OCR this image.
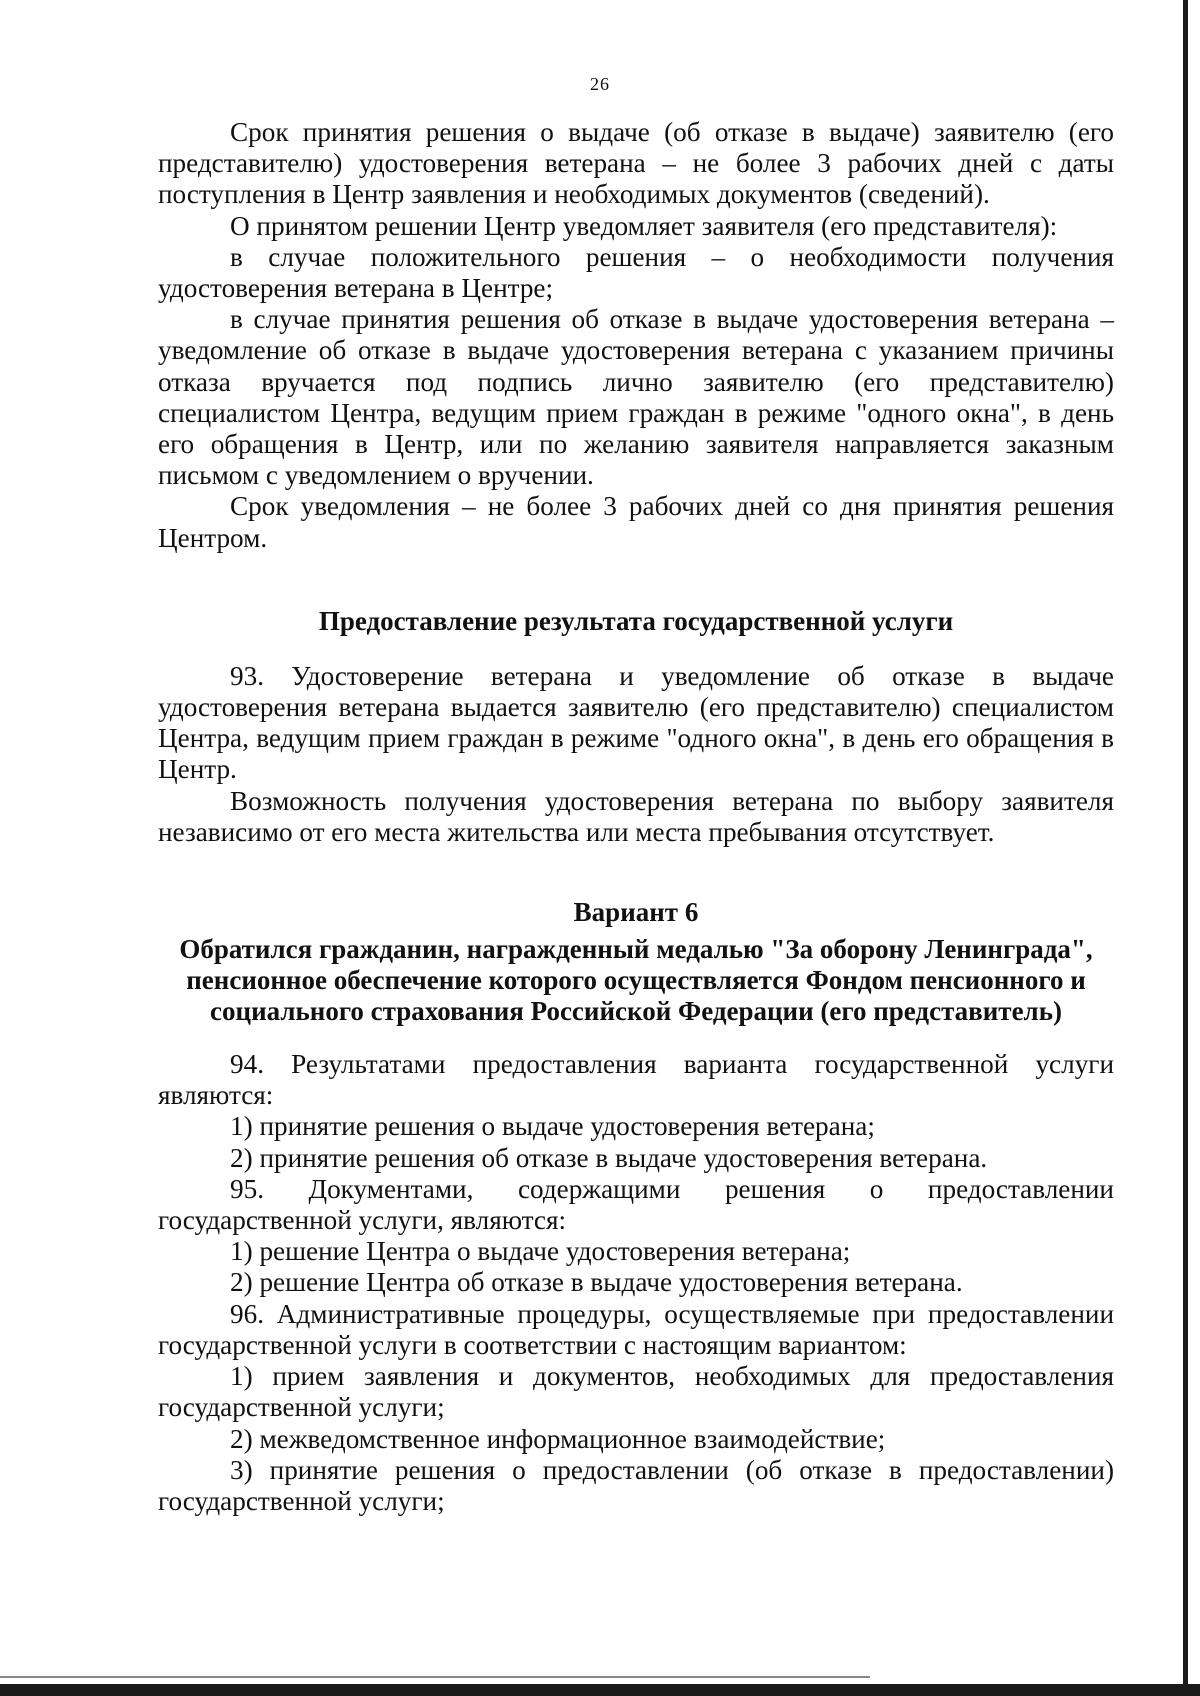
26

Срок принятия решения о выдаче (об отказе в выдаче) заявителю (его представителю) удостоверения ветерана – не более 3 рабочих дней с даты поступления в Центр заявления и необходимых документов (сведений).

О принятом решении Центр уведомляет заявителя (его представителя):

в случае положительного решения – о необходимости получения удостоверения ветерана в Центре;

в случае принятия решения об отказе в выдаче удостоверения ветерана – уведомление об отказе в выдаче удостоверения ветерана с указанием причины отказа вручается под подпись лично заявителю (его представителю) специалистом Центра, ведущим прием граждан в режиме "одного окна", в день его обращения в Центр, или по желанию заявителя направляется заказным письмом с уведомлением о вручении.

Срок уведомления – не более 3 рабочих дней со дня принятия решения Центром.

Предоставление результата государственной услуги

93. Удостоверение ветерана и уведомление об отказе в выдаче удостоверения ветерана выдается заявителю (его представителю) специалистом Центра, ведущим прием граждан в режиме "одного окна", в день его обращения в Центр.

Возможность получения удостоверения ветерана по выбору заявителя независимо от его места жительства или места пребывания отсутствует.

Вариант 6

Обратился гражданин, награжденный медалью "За оборону Ленинграда", пенсионное обеспечение которого осуществляется Фондом пенсионного и социального страхования Российской Федерации (его представитель)

94. Результатами предоставления варианта государственной услуги являются:

1) принятие решения о выдаче удостоверения ветерана;

2) принятие решения об отказе в выдаче удостоверения ветерана.

95. Документами, содержащими решения о предоставлении государственной услуги, являются:

1) решение Центра о выдаче удостоверения ветерана;

2) решение Центра об отказе в выдаче удостоверения ветерана.

96. Административные процедуры, осуществляемые при предоставлении государственной услуги в соответствии с настоящим вариантом:

1) прием заявления и документов, необходимых для предоставления государственной услуги;

2) межведомственное информационное взаимодействие;

3) принятие решения о предоставлении (об отказе в предоставлении) государственной услуги;
